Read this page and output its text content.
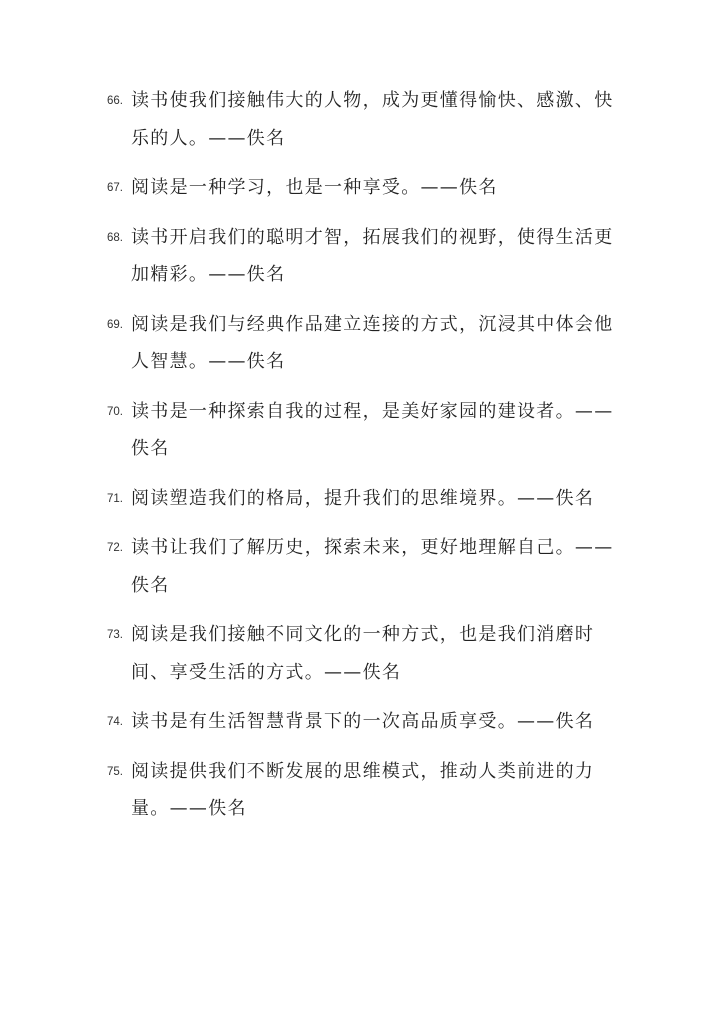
66. 读书使我们接触伟大的人物，成为更懂得愉快、感激、快乐的人。——佚名
67. 阅读是一种学习，也是一种享受。——佚名
68. 读书开启我们的聪明才智，拓展我们的视野，使得生活更加精彩。——佚名
69. 阅读是我们与经典作品建立连接的方式，沉浸其中体会他人智慧。——佚名
70. 读书是一种探索自我的过程，是美好家园的建设者。——佚名
71. 阅读塑造我们的格局，提升我们的思维境界。——佚名
72. 读书让我们了解历史，探索未来，更好地理解自己。——佚名
73. 阅读是我们接触不同文化的一种方式，也是我们消磨时间、享受生活的方式。——佚名
74. 读书是有生活智慧背景下的一次高品质享受。——佚名
75. 阅读提供我们不断发展的思维模式，推动人类前进的力量。——佚名
